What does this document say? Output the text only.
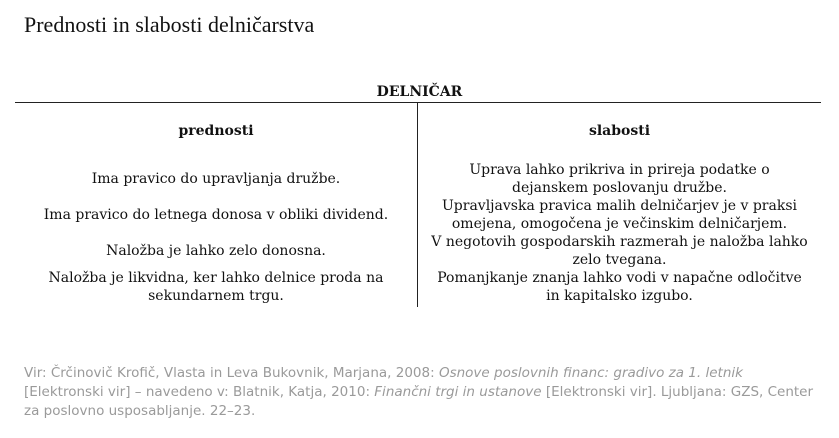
Prednosti in slabosti delničarstva
DELNIČAR
prednosti
Ima pravico do upravljanja družbe.
Ima pravico do letnega donosa v obliki dividend.
Naložba je lahko zelo donosna.
Naložba je likvidna, ker lahko delnice proda na sekundarnem trgu.
slabosti
Uprava lahko prikriva in prireja podatke o dejanskem poslovanju družbe.
Upravljavska pravica malih delničarjev je v praksi omejena, omogočena je večinskim delničarjem.
V negotovih gospodarskih razmerah je naložba lahko zelo tvegana.
Pomanjkanje znanja lahko vodi v napačne odločitve in kapitalsko izgubo.
Vir: Črčinovič Krofič, Vlasta in Leva Bukovnik, Marjana, 2008: Osnove poslovnih financ: gradivo za 1. letnik [Elektronski vir] – navedeno v: Blatnik, Katja, 2010: Finančni trgi in ustanove [Elektronski vir]. Ljubljana: GZS, Center za poslovno usposabljanje. 22–23.
